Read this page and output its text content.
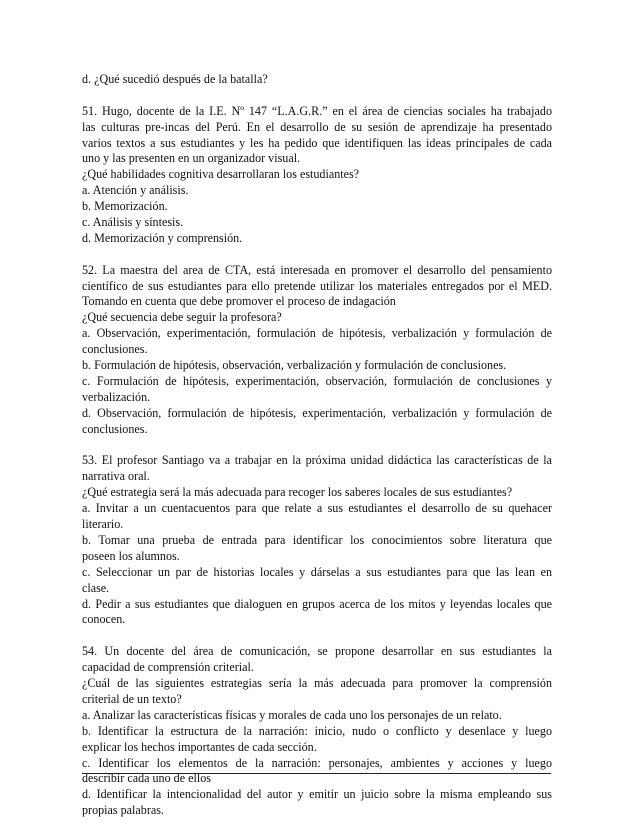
d. ¿Qué sucedió después de la batalla?
51. Hugo, docente de la I.E. Nº 147 “L.A.G.R.” en el área de ciencias sociales ha trabajado
las culturas pre-incas del Perú. En el desarrollo de su sesión de aprendizaje ha presentado
varios textos a sus estudiantes y les ha pedido que identifiquen las ideas principales de cada
uno y las presenten en un organizador visual.
¿Qué habilidades cognitiva desarrollaran los estudiantes?
a. Atención y análisis.
b. Memorización.
c. Análisis y síntesis.
d. Memorización y comprensión.
52. La maestra del area de CTA, está interesada en promover el desarrollo del pensamiento
científico de sus estudiantes para ello pretende utilizar los materiales entregados por el MED.
Tomando en cuenta que debe promover el proceso de indagación
¿Qué secuencia debe seguir la profesora?
a. Observación, experimentación, formulación de hipótesis, verbalización y formulación de
conclusiones.
b. Formulación de hipótesis, observación, verbalización y formulación de conclusiones.
c. Formulación de hipótesis, experimentación, observación, formulación de conclusiones y
verbalización.
d. Observación, formulación de hipótesis, experimentación, verbalización y formulación de
conclusiones.
53. El profesor Santiago va a trabajar en la próxima unidad didáctica las características de la
narrativa oral.
¿Qué estrategia será la más adecuada para recoger los saberes locales de sus estudiantes?
a. Invitar a un cuentacuentos para que relate a sus estudiantes el desarrollo de su quehacer
literario.
b. Tomar una prueba de entrada para identificar los conocimientos sobre literatura que
poseen los alumnos.
c. Seleccionar un par de historias locales y dárselas a sus estudiantes para que las lean en
clase.
d. Pedir a sus estudiantes que dialoguen en grupos acerca de los mitos y leyendas locales que
conocen.
54. Un docente del área de comunicación, se propone desarrollar en sus estudiantes la
capacidad de comprensión criterial.
¿Cuál de las siguientes estrategias sería la más adecuada para promover la comprensión
criterial de un texto?
a. Analizar las características físicas y morales de cada uno los personajes de un relato.
b. Identificar la estructura de la narración: inicio, nudo o conflicto y desenlace y luego
explicar los hechos importantes de cada sección.
c. Identificar los elementos de la narración: personajes, ambientes y acciones y luego
describir cada uno de ellos
d. Identificar la intencionalidad del autor y emitir un juicio sobre la misma empleando sus
propias palabras.
